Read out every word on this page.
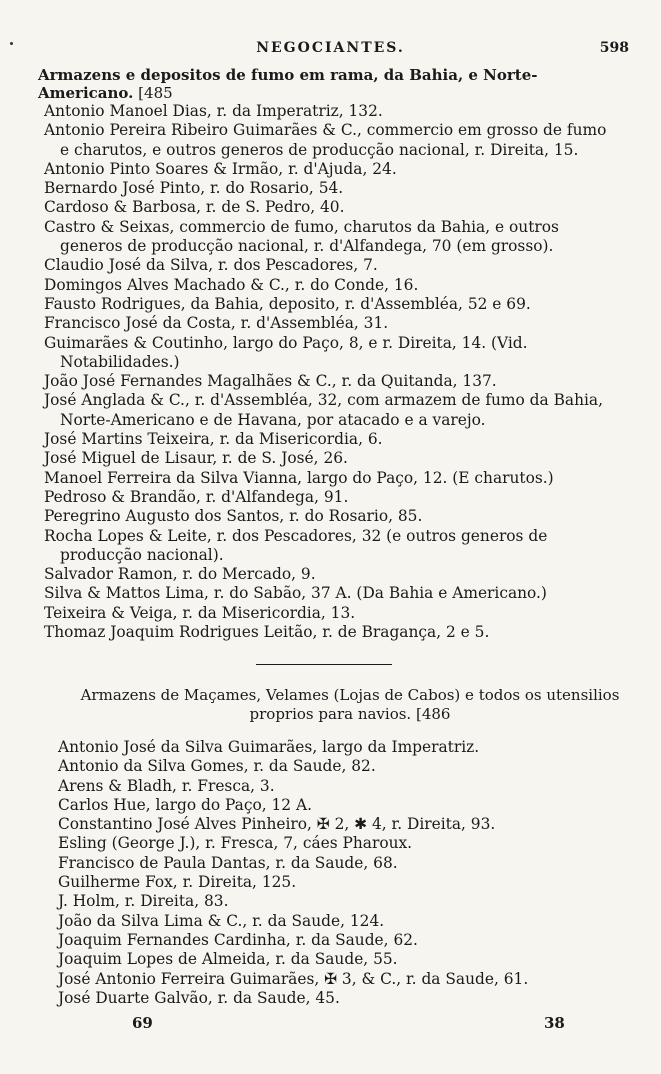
NEGOCIANTES.	598
Armazens e depositos de fumo em rama, da Bahia, e Norte-Americano. [485
Antonio Manoel Dias, r. da Imperatriz, 132.
Antonio Pereira Ribeiro Guimarães & C., commercio em grosso de fumo e charutos, e outros generos de producção nacional, r. Direita, 15.
Antonio Pinto Soares & Irmão, r. d'Ajuda, 24.
Bernardo José Pinto, r. do Rosario, 54.
Cardoso & Barbosa, r. de S. Pedro, 40.
Castro & Seixas, commercio de fumo, charutos da Bahia, e outros generos de producção nacional, r. d'Alfandega, 70 (em grosso).
Claudio José da Silva, r. dos Pescadores, 7.
Domingos Alves Machado & C., r. do Conde, 16.
Fausto Rodrigues, da Bahia, deposito, r. d'Assembléa, 52 e 69.
Francisco José da Costa, r. d'Assembléa, 31.
Guimarães & Coutinho, largo do Paço, 8, e r. Direita, 14. (Vid. Notabilidades.)
João José Fernandes Magalhães & C., r. da Quitanda, 137.
José Anglada & C., r. d'Assembléa, 32, com armazem de fumo da Bahia, Norte-Americano e de Havana, por atacado e a varejo.
José Martins Teixeira, r. da Misericordia, 6.
José Miguel de Lisaur, r. de S. José, 26.
Manoel Ferreira da Silva Vianna, largo do Paço, 12. (E charutos.)
Pedroso & Brandão, r. d'Alfandega, 91.
Peregrino Augusto dos Santos, r. do Rosario, 85.
Rocha Lopes & Leite, r. dos Pescadores, 32 (e outros generos de producção nacional).
Salvador Ramon, r. do Mercado, 9.
Silva & Mattos Lima, r. do Sabão, 37 A. (Da Bahia e Americano.)
Teixeira & Veiga, r. da Misericordia, 13.
Thomaz Joaquim Rodrigues Leitão, r. de Bragança, 2 e 5.
Armazens de Maçames, Velames (Lojas de Cabos) e todos os utensilios proprios para navios. [486
Antonio José da Silva Guimarães, largo da Imperatriz.
Antonio da Silva Gomes, r. da Saude, 82.
Arens & Bladh, r. Fresca, 3.
Carlos Hue, largo do Paço, 12 A.
Constantino José Alves Pinheiro, ✠ 2, ✱ 4, r. Direita, 93.
Esling (George J.), r. Fresca, 7, cáes Pharoux.
Francisco de Paula Dantas, r. da Saude, 68.
Guilherme Fox, r. Direita, 125.
J. Holm, r. Direita, 83.
João da Silva Lima & C., r. da Saude, 124.
Joaquim Fernandes Cardinha, r. da Saude, 62.
Joaquim Lopes de Almeida, r. da Saude, 55.
José Antonio Ferreira Guimarães, ✠ 3, & C., r. da Saude, 61.
José Duarte Galvão, r. da Saude, 45.
69	38
